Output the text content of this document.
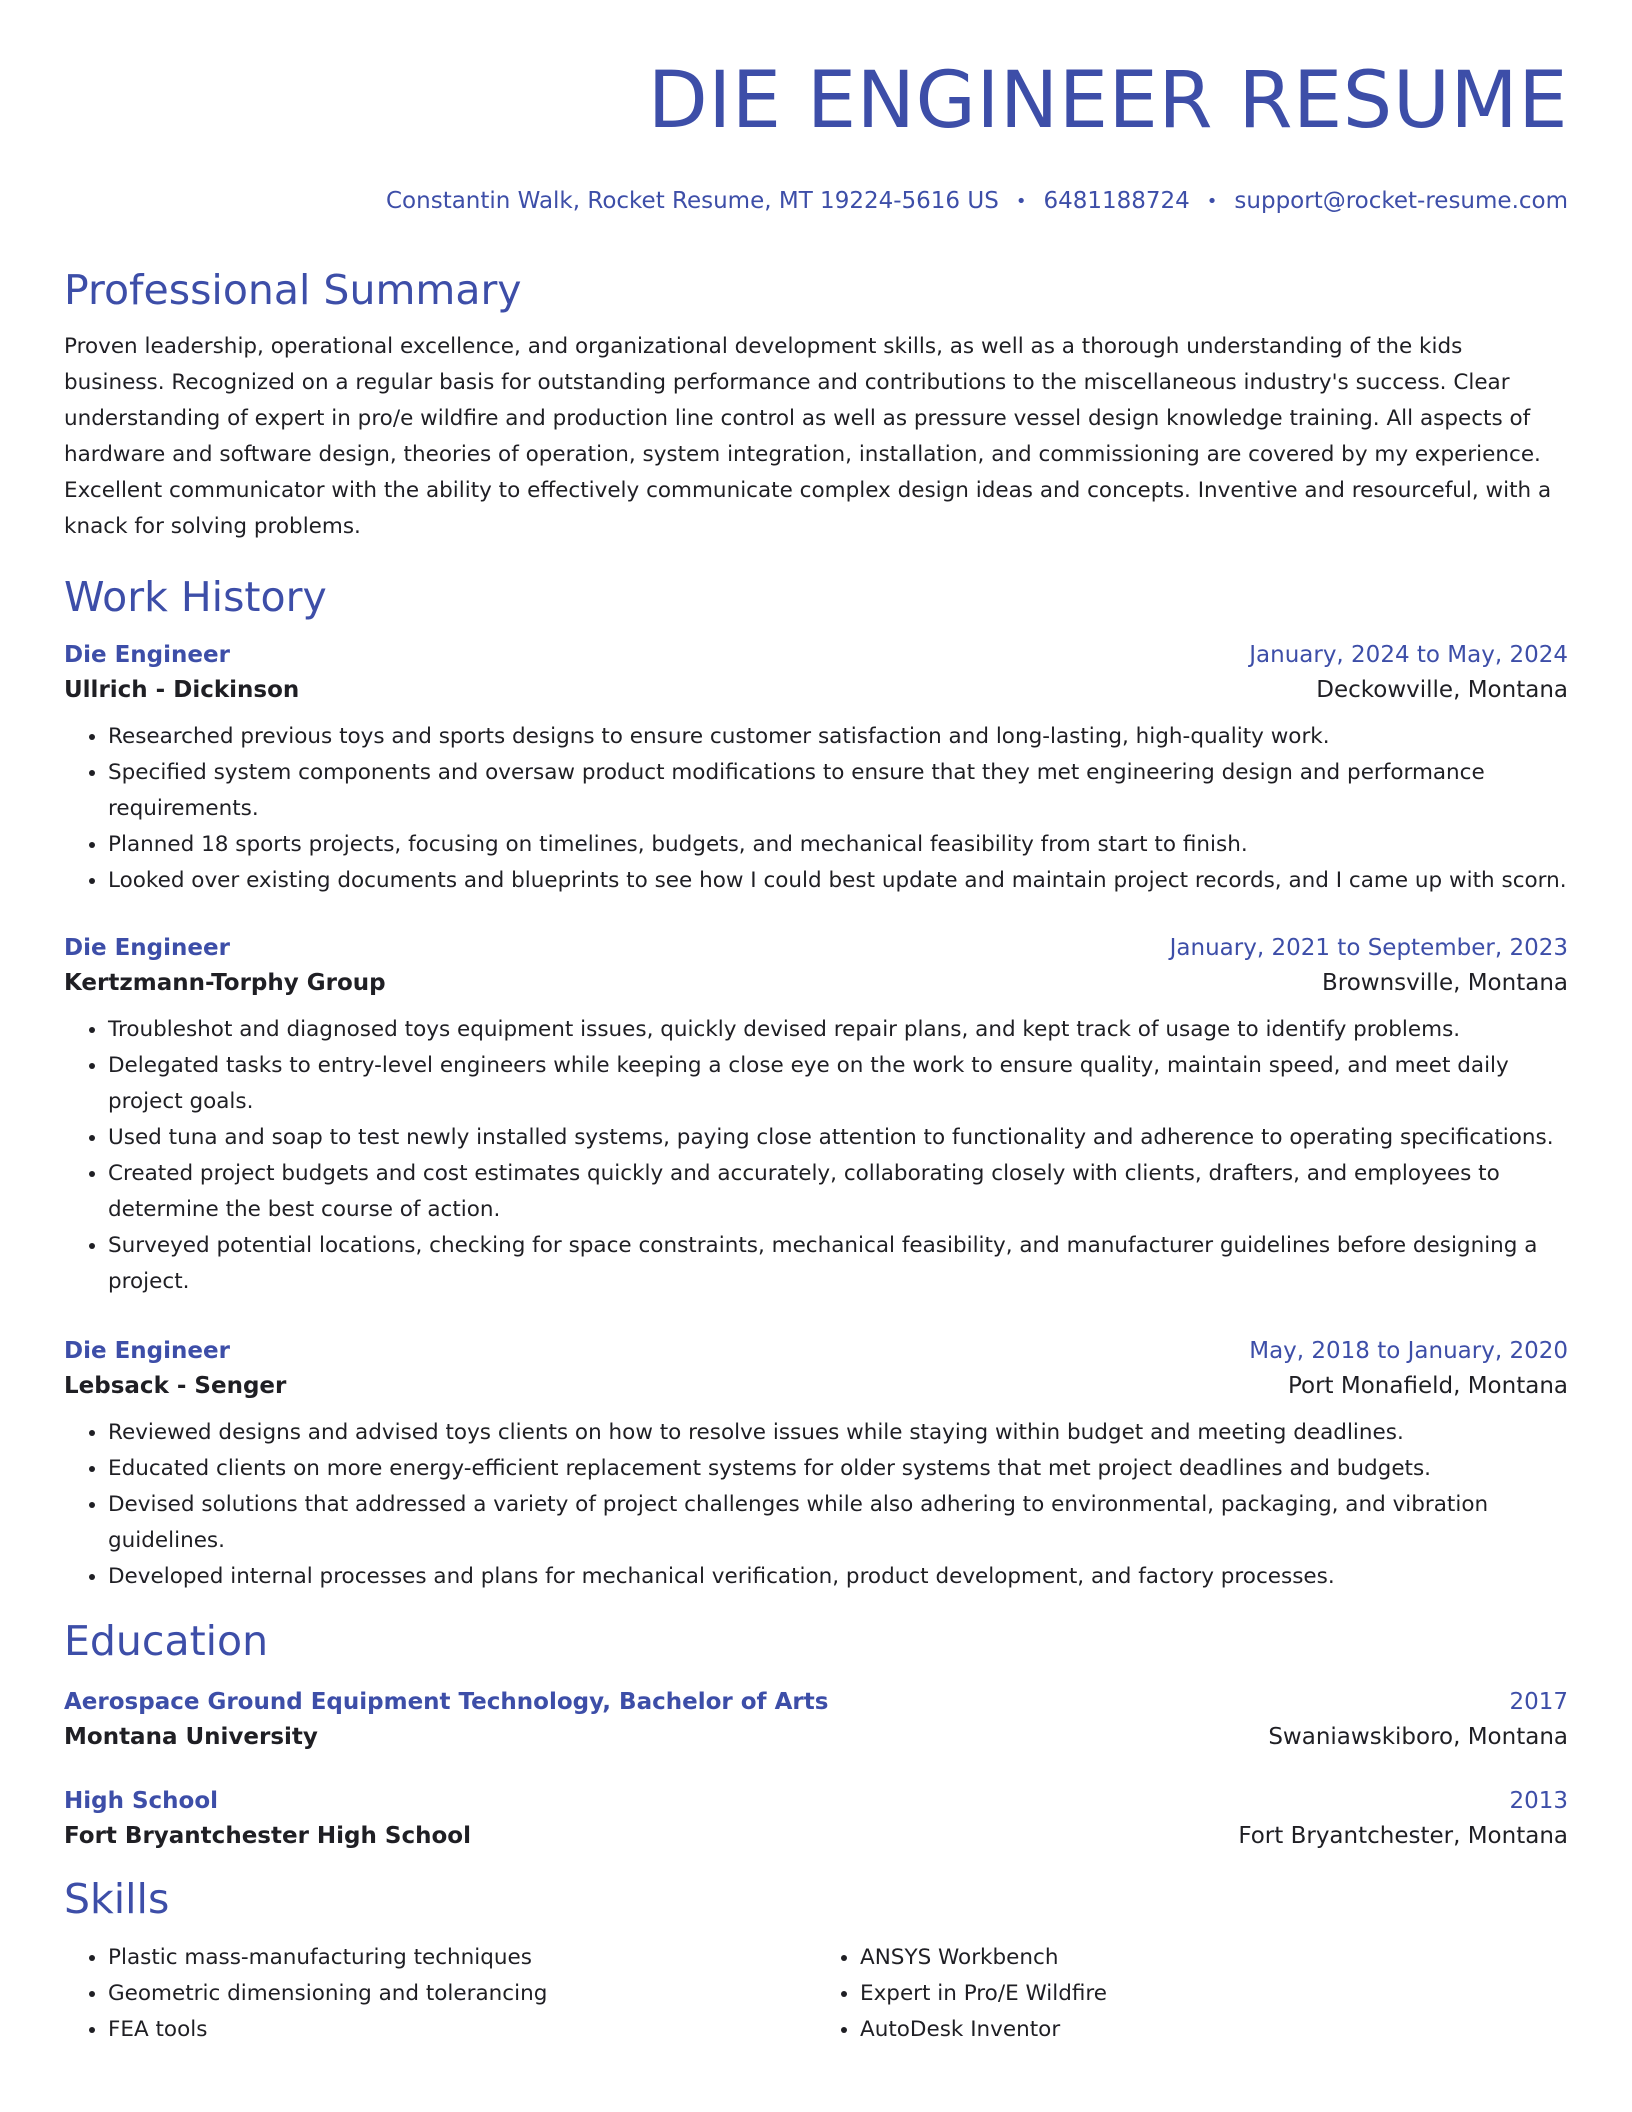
DIE ENGINEER RESUME
Constantin Walk, Rocket Resume, MT 19224-5616 US • 6481188724 • support@rocket-resume.com
Professional Summary

Proven leadership, operational excellence, and organizational development skills, as well as a thorough understanding of the kids business. Recognized on a regular basis for outstanding performance and contributions to the miscellaneous industry's success. Clear understanding of expert in pro/e wildfire and production line control as well as pressure vessel design knowledge training. All aspects of hardware and software design, theories of operation, system integration, installation, and commissioning are covered by my experience. Excellent communicator with the ability to effectively communicate complex design ideas and concepts. Inventive and resourceful, with a knack for solving problems.

Work History
Die Engineer	January, 2024 to May, 2024
Ullrich - Dickinson	Deckowville, Montana
• Researched previous toys and sports designs to ensure customer satisfaction and long-lasting, high-quality work.
• Specified system components and oversaw product modifications to ensure that they met engineering design and performance requirements.
• Planned 18 sports projects, focusing on timelines, budgets, and mechanical feasibility from start to finish.
• Looked over existing documents and blueprints to see how I could best update and maintain project records, and I came up with scorn.
Die Engineer	January, 2021 to September, 2023
Kertzmann-Torphy Group	Brownsville, Montana
• Troubleshot and diagnosed toys equipment issues, quickly devised repair plans, and kept track of usage to identify problems.
• Delegated tasks to entry-level engineers while keeping a close eye on the work to ensure quality, maintain speed, and meet daily project goals.
• Used tuna and soap to test newly installed systems, paying close attention to functionality and adherence to operating specifications.
• Created project budgets and cost estimates quickly and accurately, collaborating closely with clients, drafters, and employees to determine the best course of action.
• Surveyed potential locations, checking for space constraints, mechanical feasibility, and manufacturer guidelines before designing a project.
Die Engineer	May, 2018 to January, 2020
Lebsack - Senger	Port Monafield, Montana
• Reviewed designs and advised toys clients on how to resolve issues while staying within budget and meeting deadlines.
• Educated clients on more energy-efficient replacement systems for older systems that met project deadlines and budgets.
• Devised solutions that addressed a variety of project challenges while also adhering to environmental, packaging, and vibration guidelines.
• Developed internal processes and plans for mechanical verification, product development, and factory processes.
Education
Aerospace Ground Equipment Technology, Bachelor of Arts	2017
Montana University	Swaniawskiboro, Montana
High School	2013
Fort Bryantchester High School	Fort Bryantchester, Montana
Skills
• Plastic mass-manufacturing techniques
• Geometric dimensioning and tolerancing
• FEA tools
• ANSYS Workbench
• Expert in Pro/E Wildfire
• AutoDesk Inventor
